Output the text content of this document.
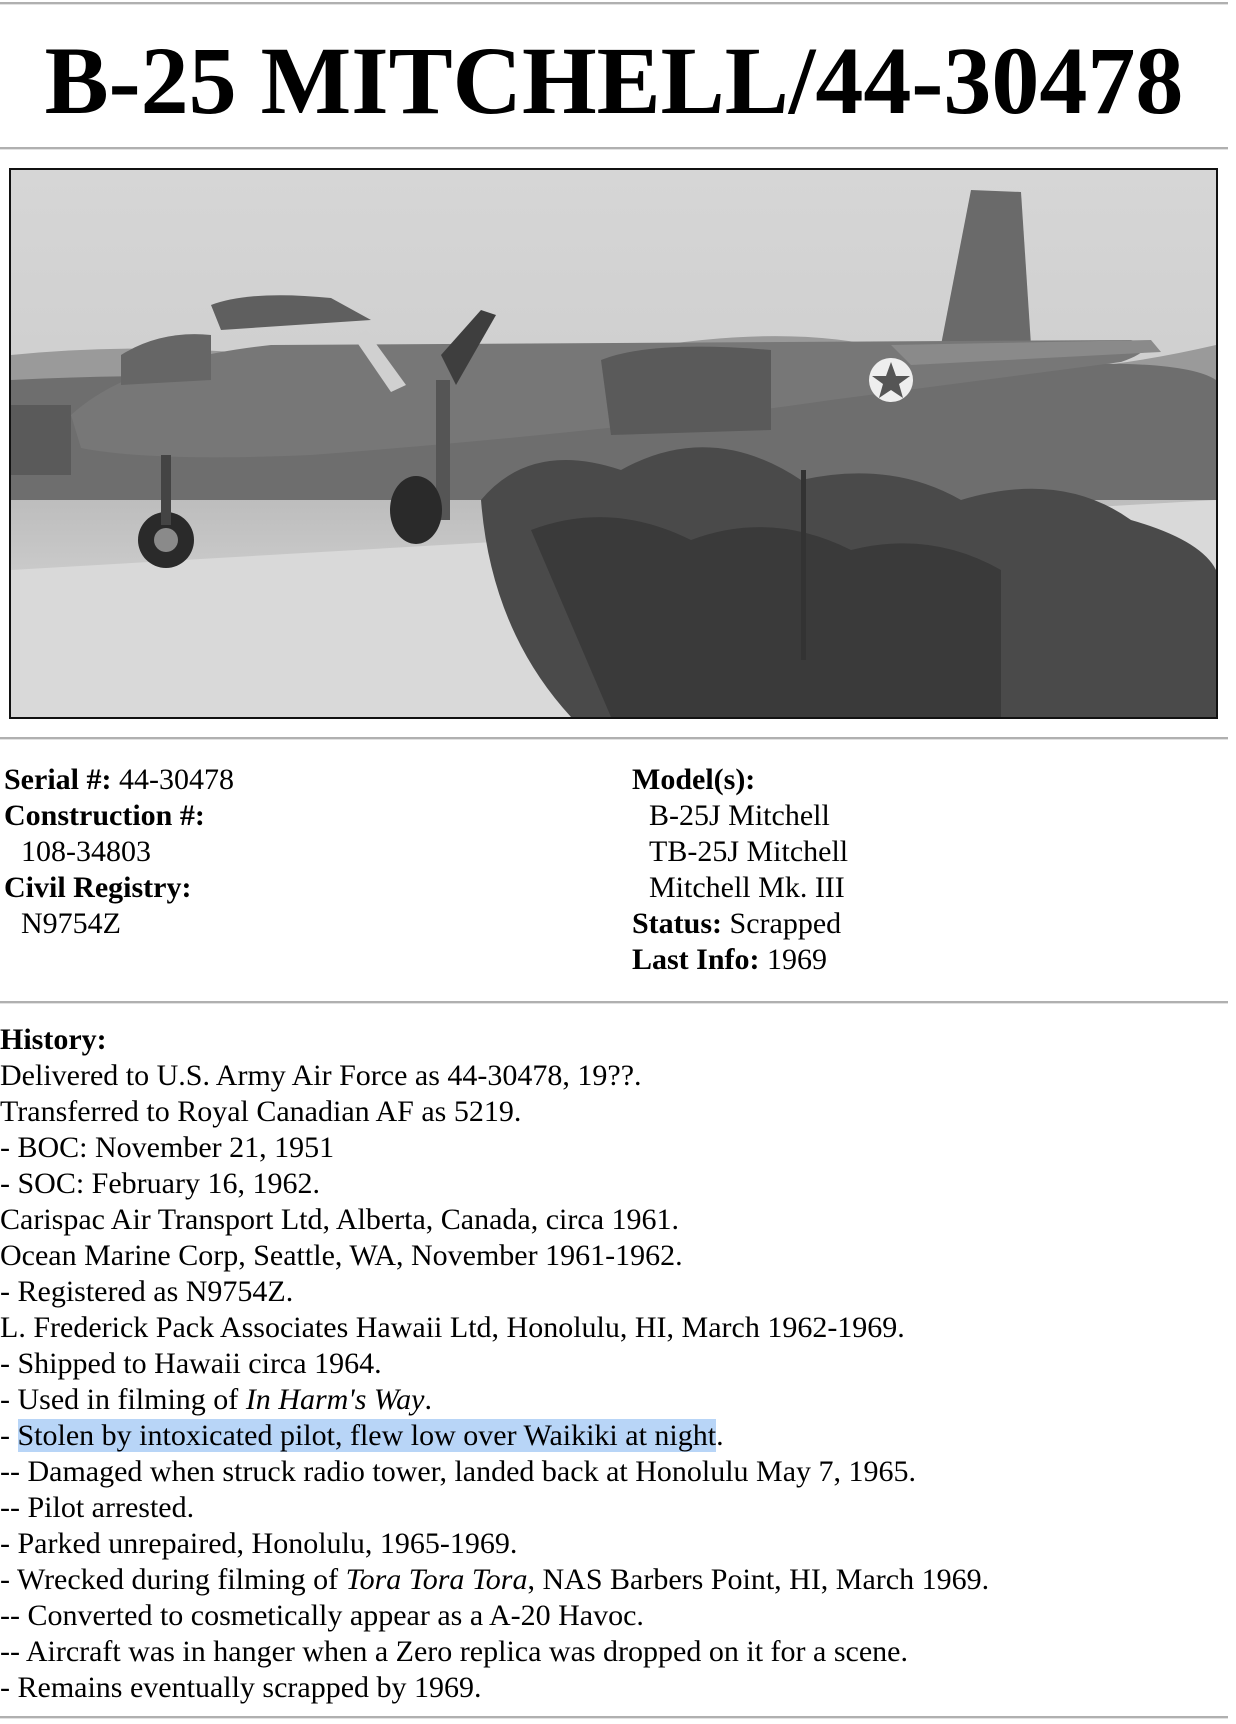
B-25 MITCHELL/44-30478
Serial #: 44-30478
Construction #:
108-34803
Civil Registry:
N9754Z
Model(s):
B-25J Mitchell
TB-25J Mitchell
Mitchell Mk. III
Status: Scrapped
Last Info: 1969
History:
Delivered to U.S. Army Air Force as 44-30478, 19??.
Transferred to Royal Canadian AF as 5219.
- BOC: November 21, 1951
- SOC: February 16, 1962.
Carispac Air Transport Ltd, Alberta, Canada, circa 1961.
Ocean Marine Corp, Seattle, WA, November 1961-1962.
- Registered as N9754Z.
L. Frederick Pack Associates Hawaii Ltd, Honolulu, HI, March 1962-1969.
- Shipped to Hawaii circa 1964.
- Used in filming of In Harm's Way.
- Stolen by intoxicated pilot, flew low over Waikiki at night.
-- Damaged when struck radio tower, landed back at Honolulu May 7, 1965.
-- Pilot arrested.
- Parked unrepaired, Honolulu, 1965-1969.
- Wrecked during filming of Tora Tora Tora, NAS Barbers Point, HI, March 1969.
-- Converted to cosmetically appear as a A-20 Havoc.
-- Aircraft was in hanger when a Zero replica was dropped on it for a scene.
- Remains eventually scrapped by 1969.
